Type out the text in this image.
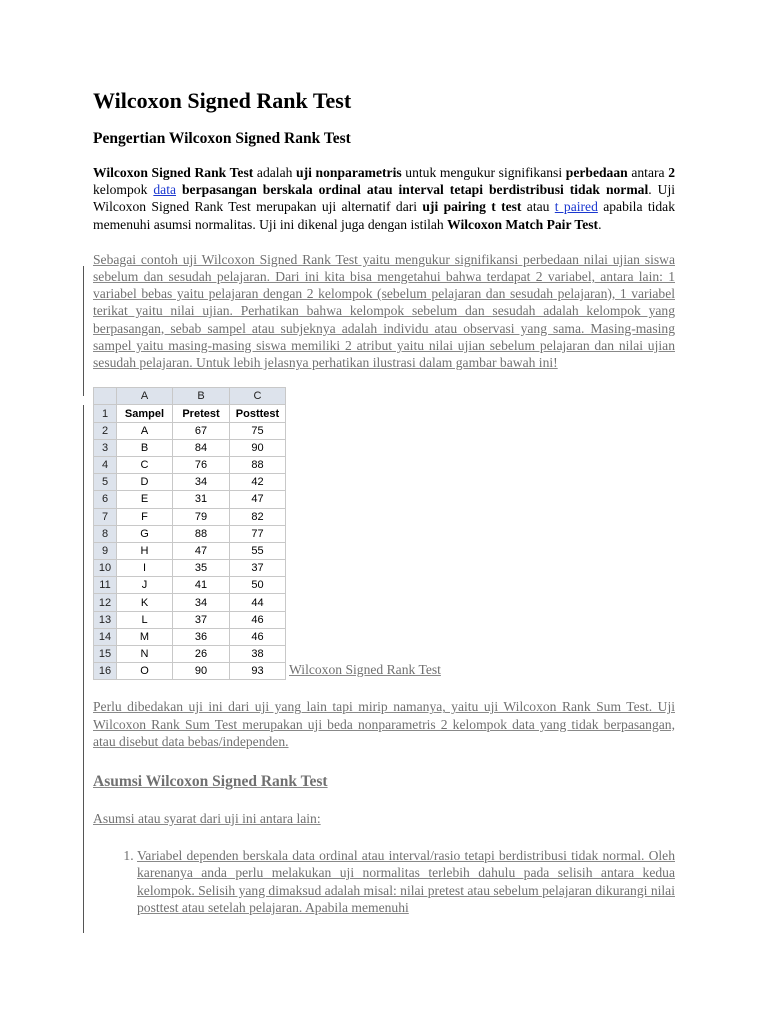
Wilcoxon Signed Rank Test
Pengertian Wilcoxon Signed Rank Test

Wilcoxon Signed Rank Test adalah uji nonparametris untuk mengukur signifikansi perbedaan antara 2 kelompok data berpasangan berskala ordinal atau interval tetapi berdistribusi tidak normal. Uji Wilcoxon Signed Rank Test merupakan uji alternatif dari uji pairing t test atau t paired apabila tidak memenuhi asumsi normalitas. Uji ini dikenal juga dengan istilah Wilcoxon Match Pair Test.

Sebagai contoh uji Wilcoxon Signed Rank Test yaitu mengukur signifikansi perbedaan nilai ujian siswa sebelum dan sesudah pelajaran. Dari ini kita bisa mengetahui bahwa terdapat 2 variabel, antara lain: 1 variabel bebas yaitu pelajaran dengan 2 kelompok (sebelum pelajaran dan sesudah pelajaran), 1 variabel terikat yaitu nilai ujian. Perhatikan bahwa kelompok sebelum dan sesudah adalah kelompok yang berpasangan, sebab sampel atau subjeknya adalah individu atau observasi yang sama. Masing-masing sampel yaitu masing-masing siswa memiliki 2 atribut yaitu nilai ujian sebelum pelajaran dan nilai ujian sesudah pelajaran. Untuk lebih jelasnya perhatikan ilustrasi dalam gambar bawah ini!

	A	B	C
1	Sampel	Pretest	Posttest
2	A	67	75
3	B	84	90
4	C	76	88
5	D	34	42
6	E	31	47
7	F	79	82
8	G	88	77
9	H	47	55
10	I	35	37
11	J	41	50
12	K	34	44
13	L	37	46
14	M	36	46
15	N	26	38
16	O	90	93 Wilcoxon Signed Rank Test

Perlu dibedakan uji ini dari uji yang lain tapi mirip namanya, yaitu uji Wilcoxon Rank Sum Test. Uji Wilcoxon Rank Sum Test merupakan uji beda nonparametris 2 kelompok data yang tidak berpasangan, atau disebut data bebas/independen.

Asumsi Wilcoxon Signed Rank Test

Asumsi atau syarat dari uji ini antara lain:

1. Variabel dependen berskala data ordinal atau interval/rasio tetapi berdistribusi tidak normal. Oleh karenanya anda perlu melakukan uji normalitas terlebih dahulu pada selisih antara kedua kelompok. Selisih yang dimaksud adalah misal: nilai pretest atau sebelum pelajaran dikurangi nilai posttest atau setelah pelajaran. Apabila memenuhi
